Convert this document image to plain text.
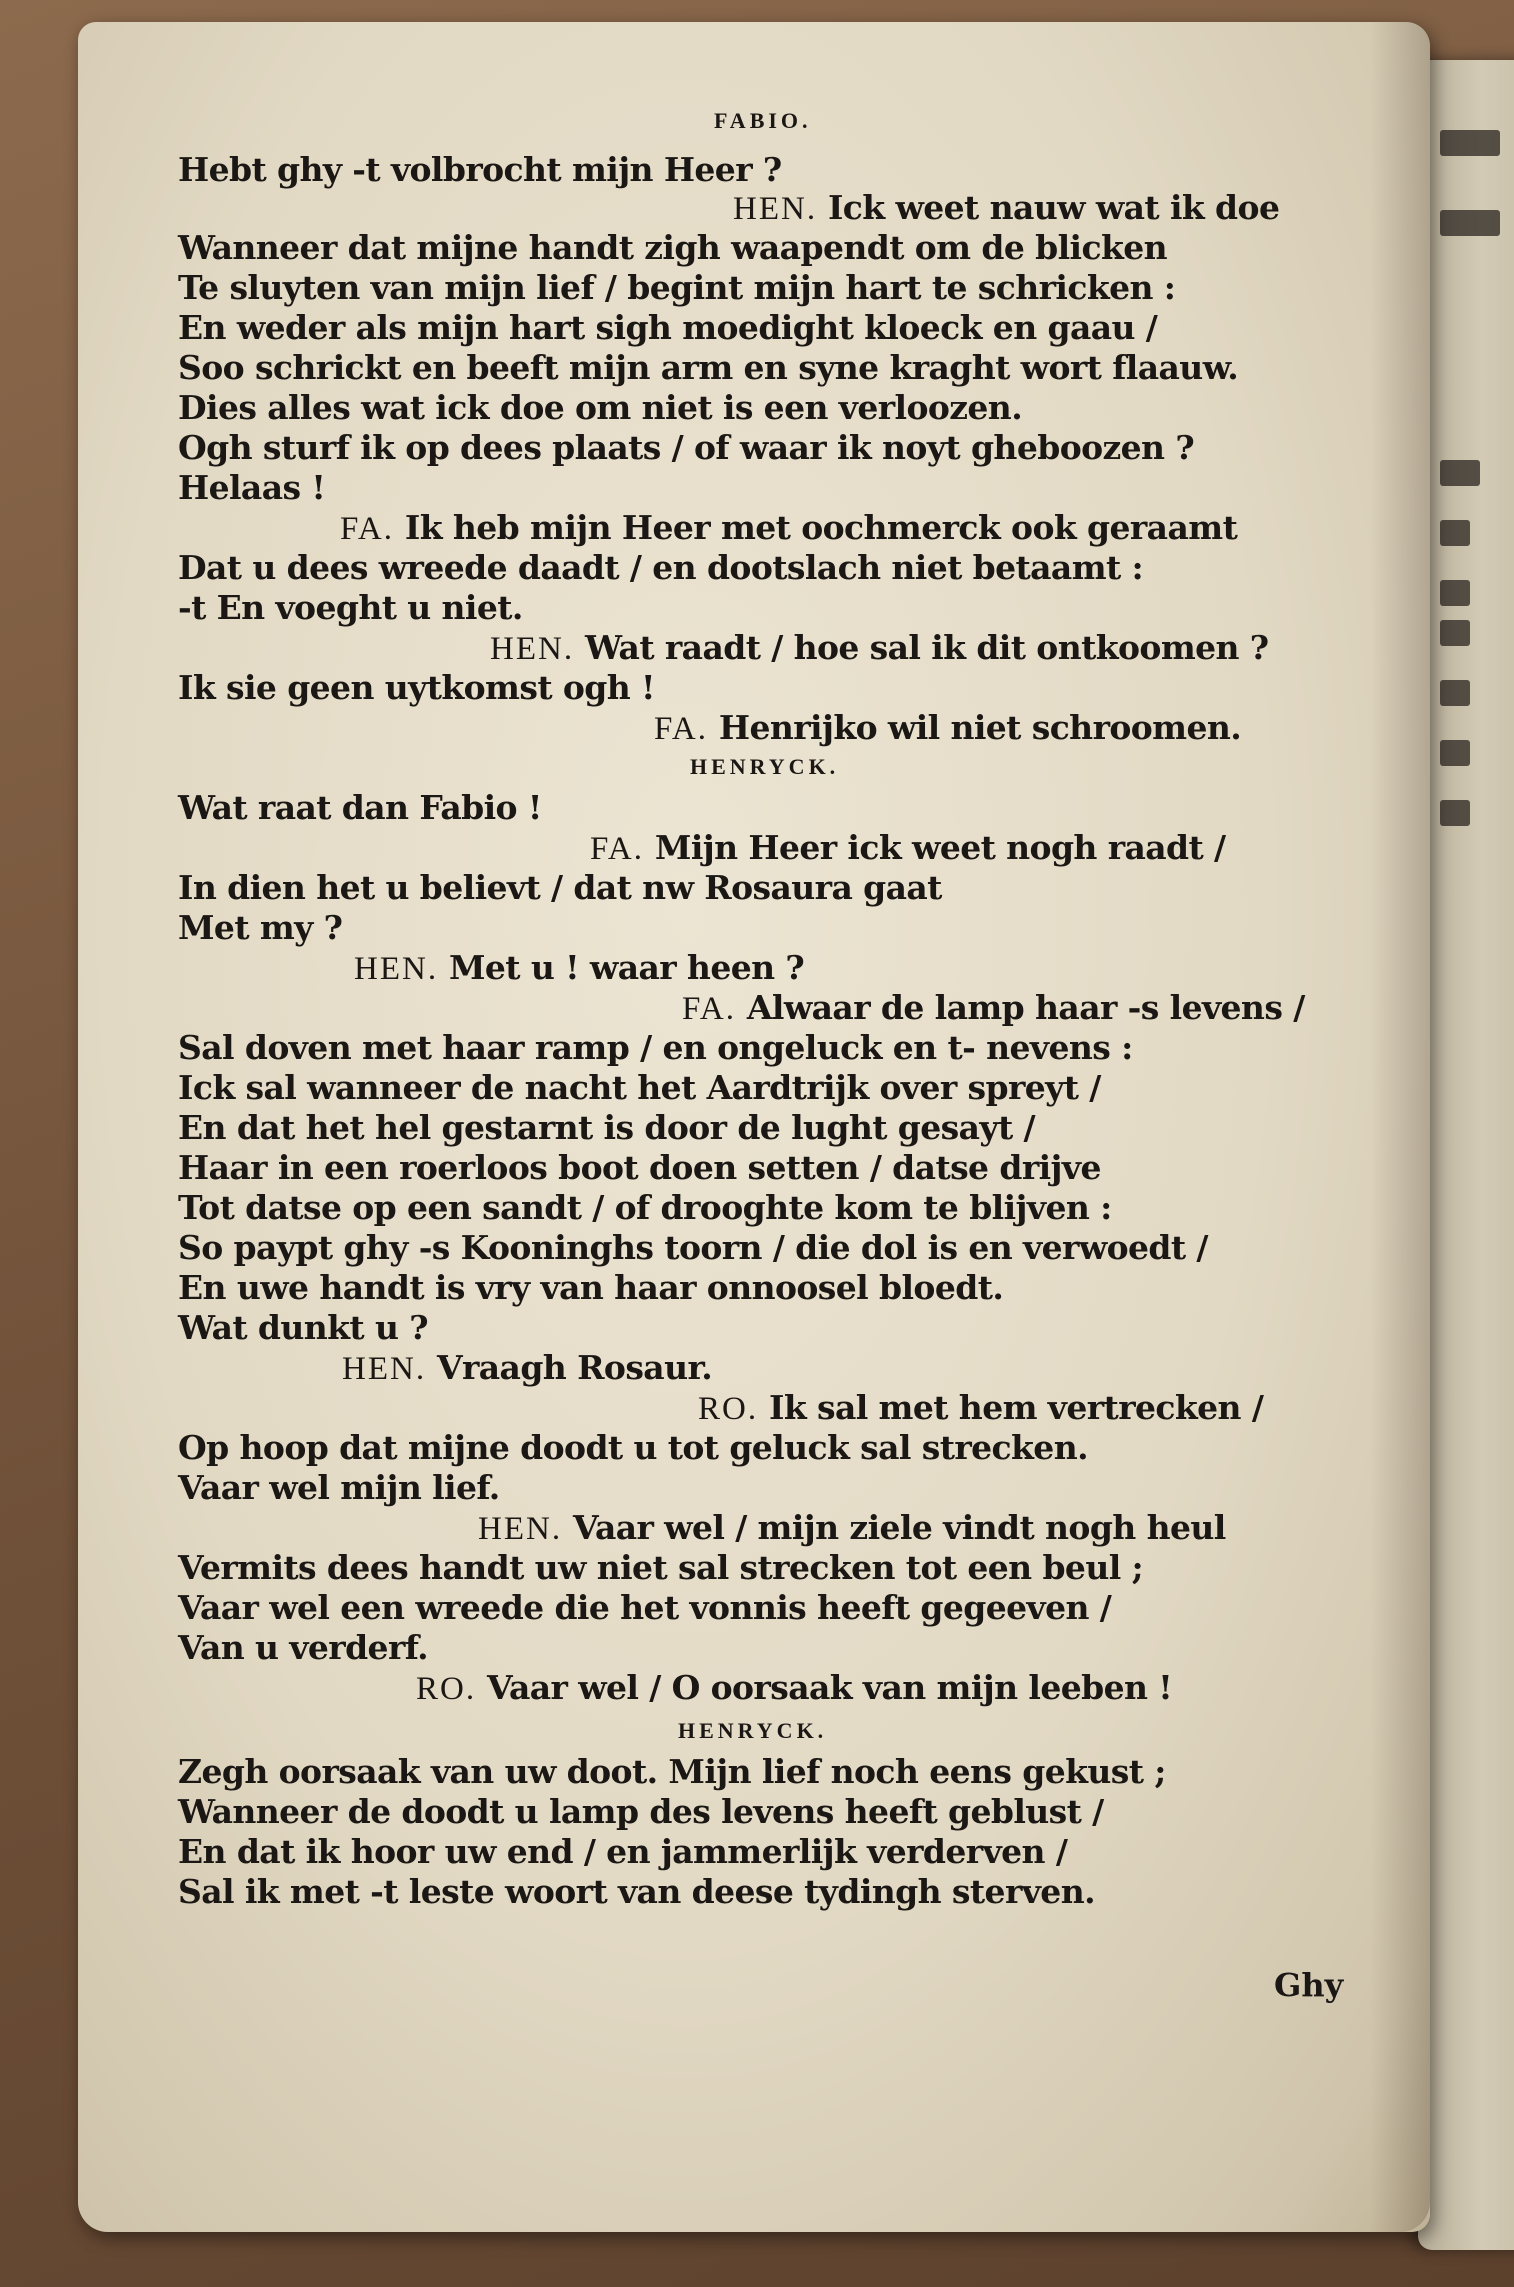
FABIO.
Hebt ghy -t volbrocht mijn Heer ?
HEN. Ick weet nauw wat ik doe
Wanneer dat mijne handt zigh waapendt om de blicken
Te sluyten van mijn lief / begint mijn hart te schricken :
En weder als mijn hart sigh moedight kloeck en gaau /
Soo schrickt en beeft mijn arm en syne kraght wort flaauw.
Dies alles wat ick doe om niet is een verloozen.
Ogh sturf ik op dees plaats / of waar ik noyt gheboozen ?
Helaas !
FA. Ik heb mijn Heer met oochmerck ook geraamt
Dat u dees wreede daadt / en dootslach niet betaamt :
-t En voeght u niet.
HEN. Wat raadt / hoe sal ik dit ontkoomen ?
Ik sie geen uytkomst ogh !
FA. Henrijko wil niet schroomen.
HENRYCK.
Wat raat dan Fabio !
FA. Mijn Heer ick weet nogh raadt /
In dien het u believt / dat nw Rosaura gaat
Met my ?
HEN. Met u ! waar heen ?
FA. Alwaar de lamp haar -s levens /
Sal doven met haar ramp / en ongeluck en t- nevens :
Ick sal wanneer de nacht het Aardtrijk over spreyt /
En dat het hel gestarnt is door de lught gesayt /
Haar in een roerloos boot doen setten / datse drijve
Tot datse op een sandt / of drooghte kom te blijven :
So paypt ghy -s Kooninghs toorn / die dol is en verwoedt /
En uwe handt is vry van haar onnoosel bloedt.
Wat dunkt u ?
HEN. Vraagh Rosaur.
RO. Ik sal met hem vertrecken /
Op hoop dat mijne doodt u tot geluck sal strecken.
Vaar wel mijn lief.
HEN. Vaar wel / mijn ziele vindt nogh heul
Vermits dees handt uw niet sal strecken tot een beul ;
Vaar wel een wreede die het vonnis heeft gegeeven /
Van u verderf.
RO. Vaar wel / O oorsaak van mijn leeben !
HENRYCK.
Zegh oorsaak van uw doot. Mijn lief noch eens gekust ;
Wanneer de doodt u lamp des levens heeft geblust /
En dat ik hoor uw end / en jammerlijk verderven /
Sal ik met -t leste woort van deese tydingh sterven.
Ghy
